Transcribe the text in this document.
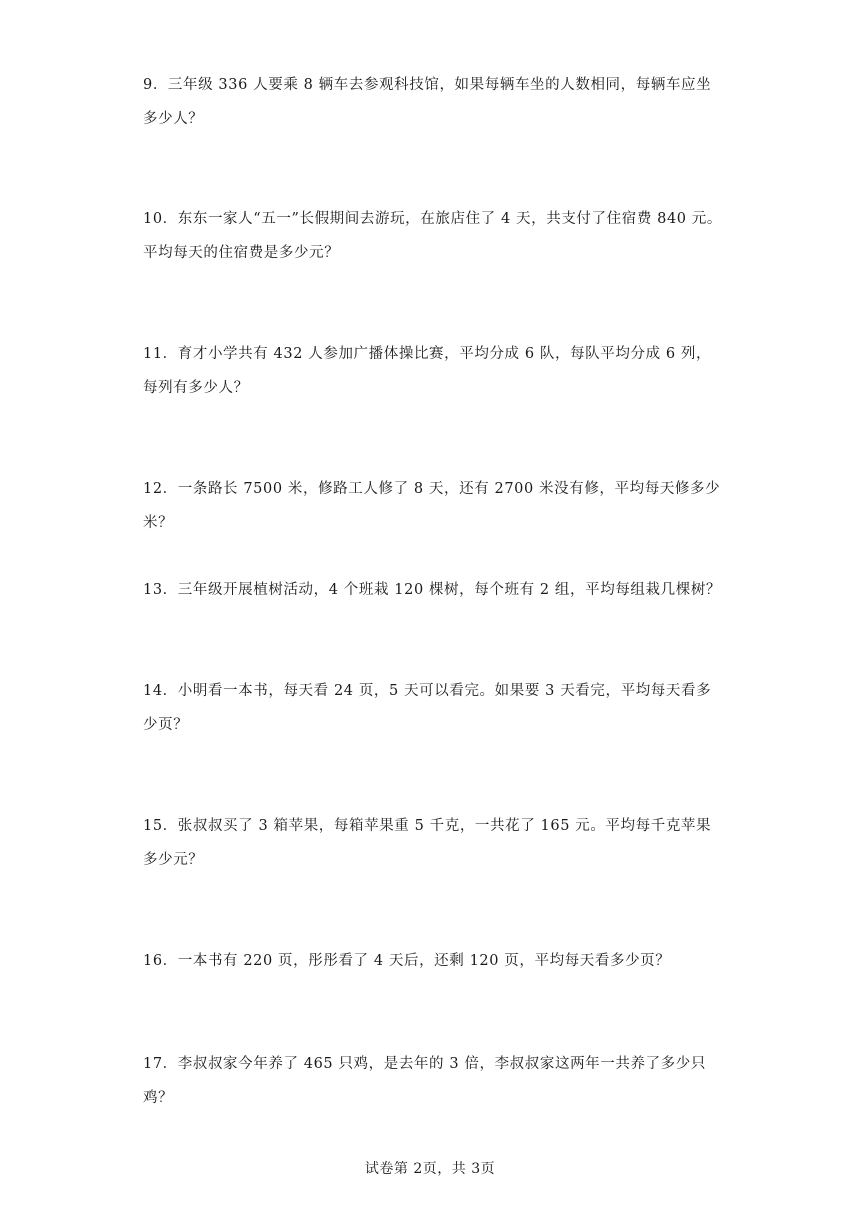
9．三年级 336 人要乘 8 辆车去参观科技馆，如果每辆车坐的人数相同，每辆车应坐多少人？

10．东东一家人“五一”长假期间去游玩，在旅店住了 4 天，共支付了住宿费 840 元。平均每天的住宿费是多少元？

11．育才小学共有 432 人参加广播体操比赛，平均分成 6 队，每队平均分成 6 列，每列有多少人？

12．一条路长 7500 米，修路工人修了 8 天，还有 2700 米没有修，平均每天修多少米？

13．三年级开展植树活动，4 个班栽 120 棵树，每个班有 2 组，平均每组栽几棵树？

14．小明看一本书，每天看 24 页，5 天可以看完。如果要 3 天看完，平均每天看多少页？

15．张叔叔买了 3 箱苹果，每箱苹果重 5 千克，一共花了 165 元。平均每千克苹果多少元？

16．一本书有 220 页，彤彤看了 4 天后，还剩 120 页，平均每天看多少页？

17．李叔叔家今年养了 465 只鸡，是去年的 3 倍，李叔叔家这两年一共养了多少只鸡？

试卷第 2页，共 3页
